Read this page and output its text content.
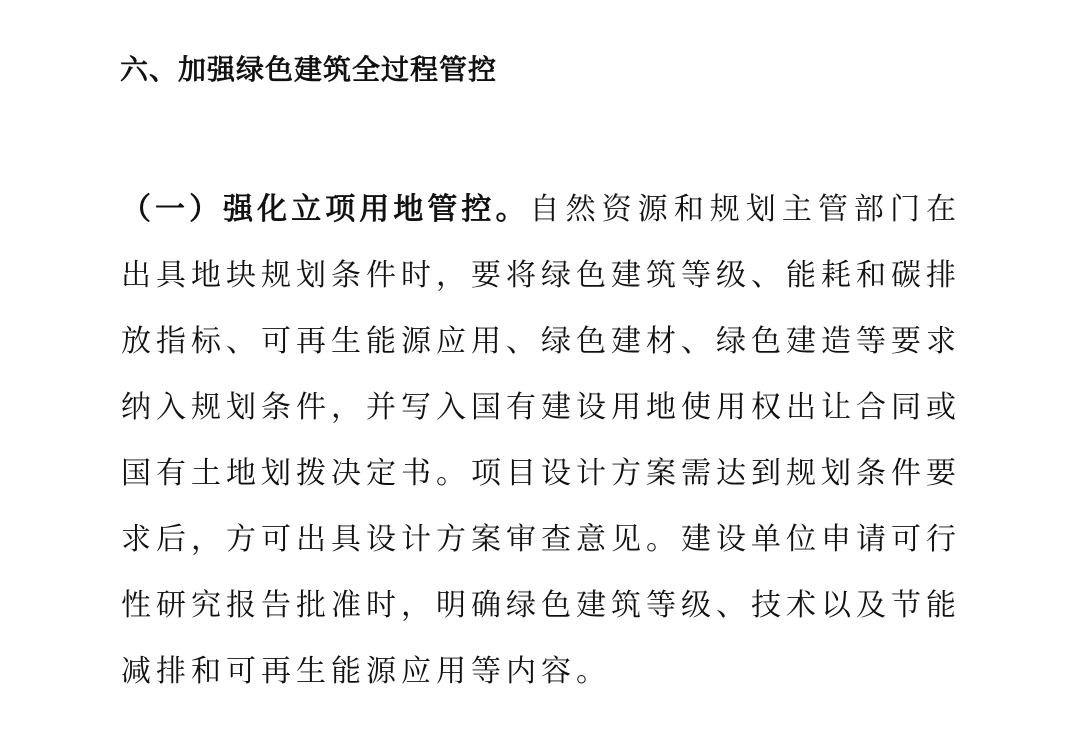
六、加强绿色建筑全过程管控

（一）强化立项用地管控。自然资源和规划主管部门在出具地块规划条件时，要将绿色建筑等级、能耗和碳排放指标、可再生能源应用、绿色建材、绿色建造等要求纳入规划条件，并写入国有建设用地使用权出让合同或国有土地划拨决定书。项目设计方案需达到规划条件要求后，方可出具设计方案审查意见。建设单位申请可行性研究报告批准时，明确绿色建筑等级、技术以及节能减排和可再生能源应用等内容。
